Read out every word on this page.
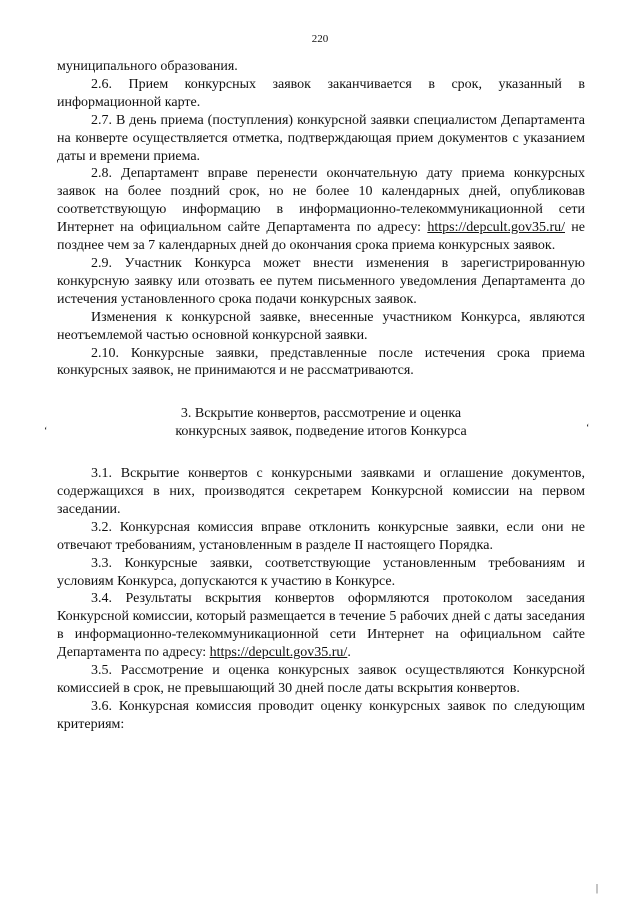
220
‘	‘
|

муниципального образования.

2.6. Прием конкурсных заявок заканчивается в срок, указанный в информационной карте.

2.7. В день приема (поступления) конкурсной заявки специалистом Департамента на конверте осуществляется отметка, подтверждающая прием документов с указанием даты и времени приема.

2.8. Департамент вправе перенести окончательную дату приема конкурсных заявок на более поздний срок, но не более 10 календарных дней, опубликовав соответствующую информацию в информационно-телекоммуникационной сети Интернет на официальном сайте Департамента по адресу: https://depcult.gov35.ru/ не позднее чем за 7 календарных дней до окончания срока приема конкурсных заявок.

2.9. Участник Конкурса может внести изменения в зарегистрированную конкурсную заявку или отозвать ее путем письменного уведомления Департамента до истечения установленного срока подачи конкурсных заявок.

Изменения к конкурсной заявке, внесенные участником Конкурса, являются неотъемлемой частью основной конкурсной заявки.

2.10. Конкурсные заявки, представленные после истечения срока приема конкурсных заявок, не принимаются и не рассматриваются.

3. Вскрытие конвертов, рассмотрение и оценка
конкурсных заявок, подведение итогов Конкурса

3.1. Вскрытие конвертов с конкурсными заявками и оглашение документов, содержащихся в них, производятся секретарем Конкурсной комиссии на первом заседании.

3.2. Конкурсная комиссия вправе отклонить конкурсные заявки, если они не отвечают требованиям, установленным в разделе II настоящего Порядка.

3.3. Конкурсные заявки, соответствующие установленным требованиям и условиям Конкурса, допускаются к участию в Конкурсе.

3.4. Результаты вскрытия конвертов оформляются протоколом заседания Конкурсной комиссии, который размещается в течение 5 рабочих дней с даты заседания в информационно-телекоммуникационной сети Интернет на официальном сайте Департамента по адресу: https://depcult.gov35.ru/.

3.5. Рассмотрение и оценка конкурсных заявок осуществляются Конкурсной комиссией в срок, не превышающий 30 дней после даты вскрытия конвертов.

3.6. Конкурсная комиссия проводит оценку конкурсных заявок по следующим критериям:
